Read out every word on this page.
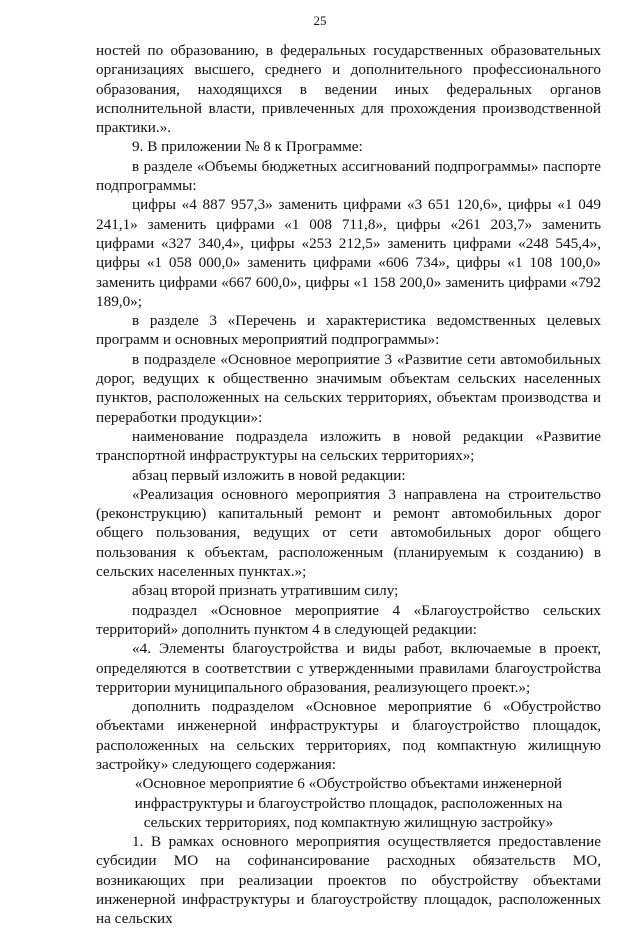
25

ностей по образованию, в федеральных государственных образовательных организациях высшего, среднего и дополнительного профессионального образования, находящихся в ведении иных федеральных органов исполнительной власти, привлеченных для прохождения производственной практики.».

9. В приложении № 8 к Программе:

в разделе «Объемы бюджетных ассигнований подпрограммы» паспорте подпрограммы:

цифры «4 887 957,3» заменить цифрами «3 651 120,6», цифры «1 049 241,1» заменить цифрами «1 008 711,8», цифры «261 203,7» заменить цифрами «327 340,4», цифры «253 212,5» заменить цифрами «248 545,4», цифры «1 058 000,0» заменить цифрами «606 734», цифры «1 108 100,0» заменить цифрами «667 600,0», цифры «1 158 200,0» заменить цифрами «792 189,0»;

в разделе 3 «Перечень и характеристика ведомственных целевых программ и основных мероприятий подпрограммы»:

в подразделе «Основное мероприятие 3 «Развитие сети автомобильных дорог, ведущих к общественно значимым объектам сельских населенных пунктов, расположенных на сельских территориях, объектам производства и переработки продукции»:

наименование подраздела изложить в новой редакции «Развитие транспортной инфраструктуры на сельских территориях»;

абзац первый изложить в новой редакции:

«Реализация основного мероприятия 3 направлена на строительство (реконструкцию) капитальный ремонт и ремонт автомобильных дорог общего пользования, ведущих от сети автомобильных дорог общего пользования к объектам, расположенным (планируемым к созданию) в сельских населенных пунктах.»;

абзац второй признать утратившим силу;

подраздел «Основное мероприятие 4 «Благоустройство сельских территорий» дополнить пунктом 4 в следующей редакции:

«4. Элементы благоустройства и виды работ, включаемые в проект, определяются в соответствии с утвержденными правилами благоустройства территории муниципального образования, реализующего проект.»;

дополнить подразделом «Основное мероприятие 6 «Обустройство объектами инженерной инфраструктуры и благоустройство площадок, расположенных на сельских территориях, под компактную жилищную застройку» следующего содержания:

«Основное мероприятие 6 «Обустройство объектами инженерной инфраструктуры и благоустройство площадок, расположенных на сельских территориях, под компактную жилищную застройку»

1. В рамках основного мероприятия осуществляется предоставление субсидии МО на софинансирование расходных обязательств МО, возникающих при реализации проектов по обустройству объектами инженерной инфраструктуры и благоустройству площадок, расположенных на сельских
